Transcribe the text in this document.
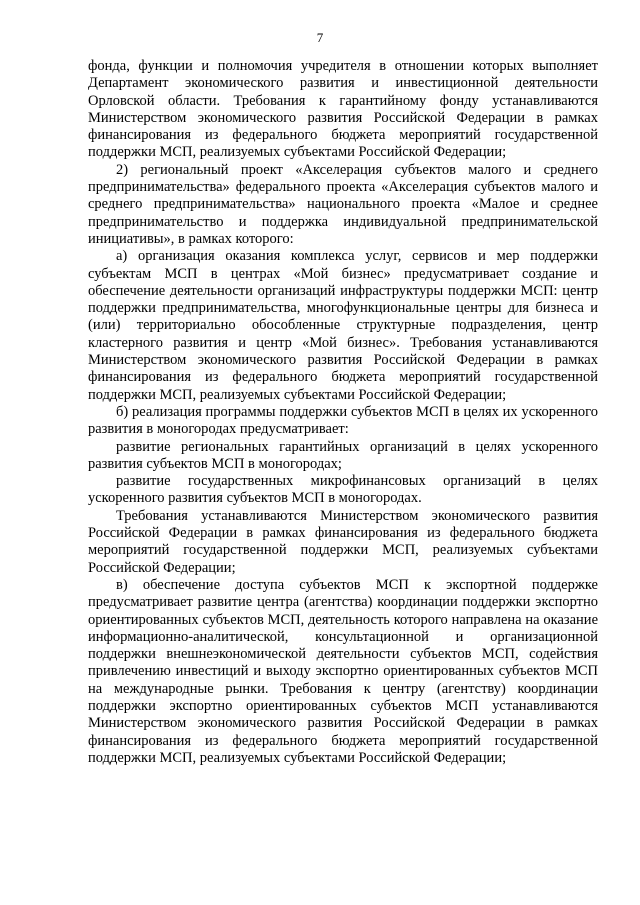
7

фонда, функции и полномочия учредителя в отношении которых выполняет Департамент экономического развития и инвестиционной деятельности Орловской области. Требования к гарантийному фонду устанавливаются Министерством экономического развития Российской Федерации в рамках финансирования из федерального бюджета мероприятий государственной поддержки МСП, реализуемых субъектами Российской Федерации;

2) региональный проект «Акселерация субъектов малого и среднего предпринимательства» федерального проекта «Акселерация субъектов малого и среднего предпринимательства» национального проекта «Малое и среднее предпринимательство и поддержка индивидуальной предпринимательской инициативы», в рамках которого:

а) организация оказания комплекса услуг, сервисов и мер поддержки субъектам МСП в центрах «Мой бизнес» предусматривает создание и обеспечение деятельности организаций инфраструктуры поддержки МСП: центр поддержки предпринимательства, многофункциональные центры для бизнеса и (или) территориально обособленные структурные подразделения, центр кластерного развития и центр «Мой бизнес». Требования устанавливаются Министерством экономического развития Российской Федерации в рамках финансирования из федерального бюджета мероприятий государственной поддержки МСП, реализуемых субъектами Российской Федерации;

б) реализация программы поддержки субъектов МСП в целях их ускоренного развития в моногородах предусматривает:

развитие региональных гарантийных организаций в целях ускоренного развития субъектов МСП в моногородах;

развитие государственных микрофинансовых организаций в целях ускоренного развития субъектов МСП в моногородах.

Требования устанавливаются Министерством экономического развития Российской Федерации в рамках финансирования из федерального бюджета мероприятий государственной поддержки МСП, реализуемых субъектами Российской Федерации;

в) обеспечение доступа субъектов МСП к экспортной поддержке предусматривает развитие центра (агентства) координации поддержки экспортно ориентированных субъектов МСП, деятельность которого направлена на оказание информационно-аналитической, консультационной и организационной поддержки внешнеэкономической деятельности субъектов МСП, содействия привлечению инвестиций и выходу экспортно ориентированных субъектов МСП на международные рынки. Требования к центру (агентству) координации поддержки экспортно ориентированных субъектов МСП устанавливаются Министерством экономического развития Российской Федерации в рамках финансирования из федерального бюджета мероприятий государственной поддержки МСП, реализуемых субъектами Российской Федерации;
